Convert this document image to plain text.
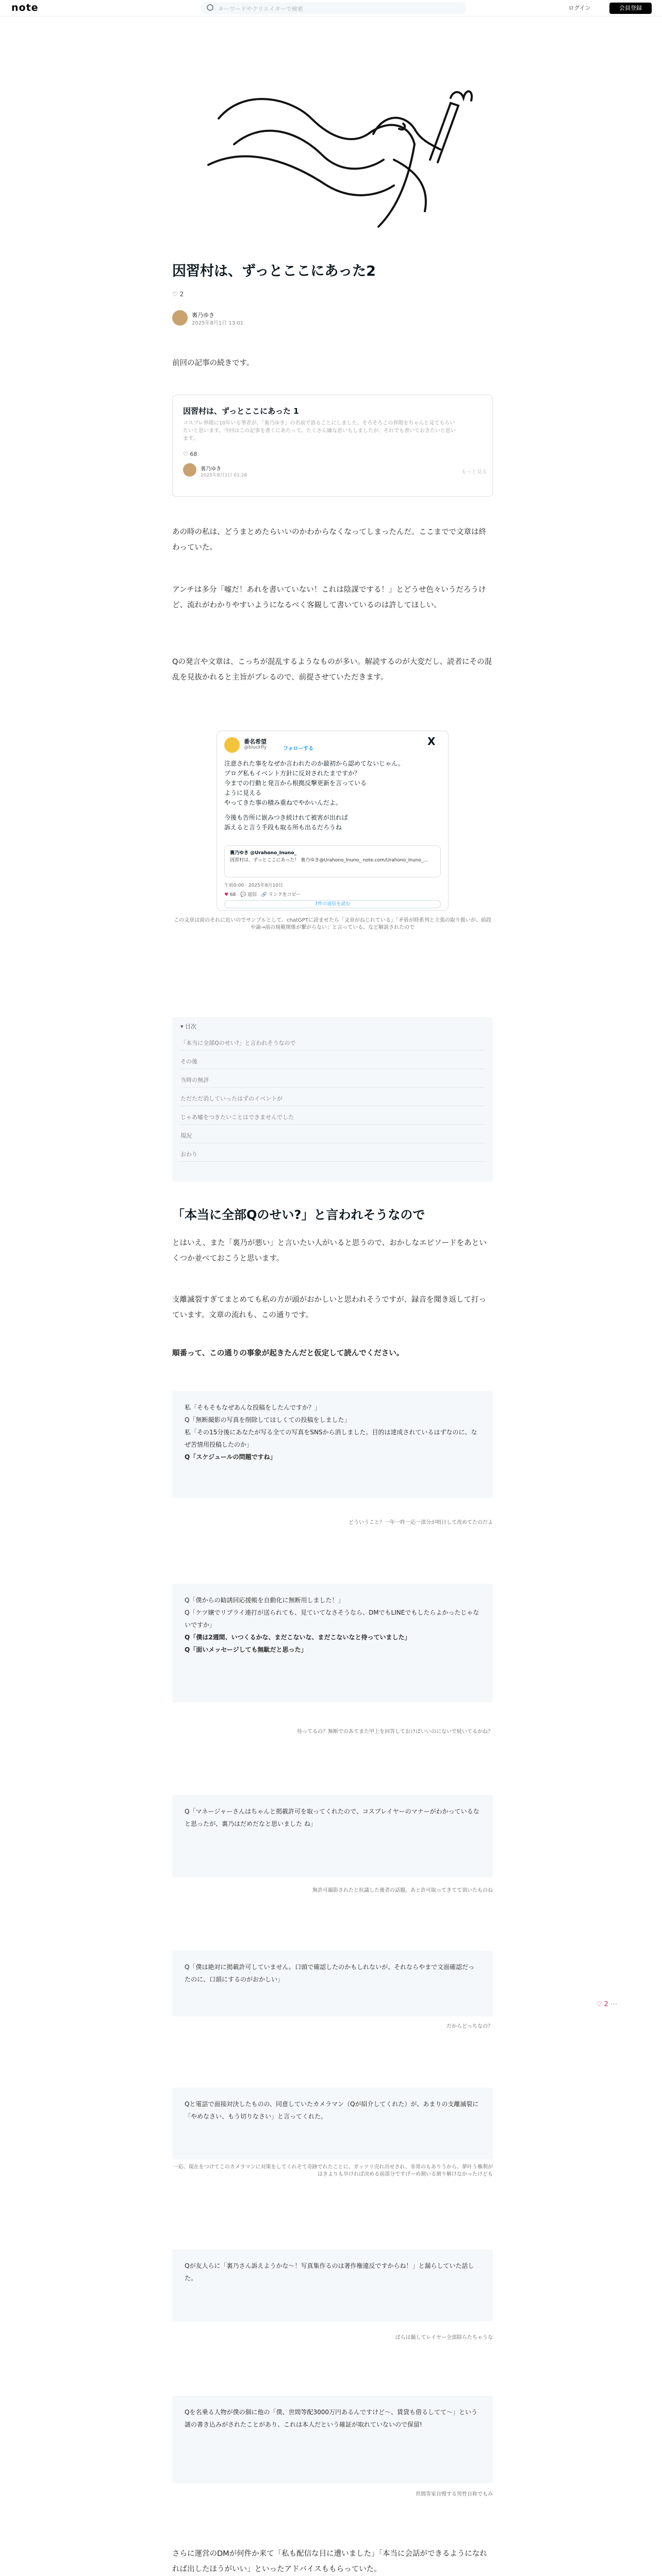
note	キーワードやクリエイターで検索	ログイン	会員登録
因習村は、ずっとここにあった2
♡ 2
裏乃ゆき
2025年8月1日 13:01

前回の記事の続きです。

因習村は、ずっとここにあった 1
コスプレ界隈に10年いる筆者が、「裏乃ゆき」の名前で語ることにしました。そろそろこの界隈をちゃんと見てもらいたいと思います。今回はこの記事を書くにあたって、たくさん嫌な思いもしましたが、それでも書いておきたいと思います。
♡ 68
裏乃ゆき
2025年8月1日 01:28
もっと見る

あの時の私は、どうまとめたらいいのかわからなくなってしまったんだ。ここまでで文章は終わっていた。

アンチは多分「嘘だ！あれを書いていない！これは陰謀でする！」とどうせ色々いうだろうけど、流れがわかりやすいようになるべく客観して書いているのは許してほしい。

Qの発言や文章は、こっちが混乱するようなものが多い。解読するのが大変だし、読者にその混乱を見抜かれると主旨がブレるので、前提させていただきます。

番名希望
@bluckfly	フォローする
X
注意された事をなぜか言われたのか最初から認めてないじゃん。
ブログ私もイベント方針に反対されたまですか？
今までの行動と発言から根拠反撃更新を言っている
ように見える
やってきた事の積み重ねでやかいんだよ。
今後も告所に嵌みつき続けれて被害が出れば
訴えると言う手段も取る所も出るだろうね
裏乃ゆき @Urahono_Inuno_
因習村は、ずっとここにあった！ 裏乃ゆき@Urahono_Inuno_ note.com/Urahono_Inuno_...
午前0:00 · 2025年8月10日
♥ 68 💬 返信 🔗 リンクをコピー
7件の返信を読む
この文章は前のそれに近いのでサンプルとして。chatGPTに読ませたら「文章がねじれている」「矛盾が時系列と主張の取り扱いが、前段や論→前の規範関係が繋がらない」と言っている。など解説されたので
▾ 目次
「本当に全部Qのせい?」と言われそうなので
その後
当時の無評
ただただ消していったはずのイベントが
じゃあ嘘をつきたいことはできませんでした
現況
おわり
「本当に全部Qのせい?」と言われそうなので

とはいえ、また「裏乃が悪い」と言いたい人がいると思うので、おかしなエピソードをあといくつか並べておこうと思います。

支離滅裂すぎてまとめても私の方が頭がおかしいと思われそうですが、録音を聞き返して打っています。文章の流れも、この通りです。

順番って、この通りの事象が起きたんだと仮定して読んでください。

私「そもそもなぜあんな投稿をしたんですか？」

Q「無断撮影の写真を削除してほしくての投稿をしました」

私「その15分後にあなたが写る全ての写真をSNSから消しました。目的は達成されているはずなのに、なぜ苦情用投稿したのか」

Q「スケジュールの問題ですね」

どういうこと？一年一昨一応一部分が明日して改めてたのだよ

Q「僕からの勧誘回応援帳を自動化に無断用しました！」

Q「ケツ嬢でリプライ連打が送られても、見ていてなさそうなら、DMでもLINEでもしたらよかったじゃないですか」

Q「僕は2週間、いつくるかな、まだこないな、まだこないなと待っていました」

Q「面いメッセージしても無駄だと思った」

待ってるの？無断でのあてまた甲上を回答しておけばいいのにないで続いてるかね？

Q「マネージャーさんはちゃんと掲載許可を取ってくれたので、コスプレイヤーのマナーがわかっているなと思ったが、裏乃はだめだなと思いました ね」

無許可撮影されたと抗議した後者の話題。あと許可取ってきてて頂いたものね

Q「僕は絶対に掲載許可していません。口頭で確認したのかもしれないが、それならやまで文面確認だったのに、口頭にするのがおかしい」

だからどっちなの？
♡ 2 ⋯

Qと電話で面接対決したものの、同意していたカメラマン（Qが紹介してくれた）が、あまりの支離滅裂に「やめなさい、もう切りなさい」と言ってくれた。

一応、現在をつけてこのカメラマンに対策をしてくれそて奇跡でれたことに、ガッツリ売れ出せされ、非常のもありうから、夢叶う権利がはきよりも早ければ決める前部分ですげーめ割いる割り解けなかったけども

Qが友人らに「裏乃さん訴えようかな〜！写真集作るのは著作権違反ですからね！」と漏らしていた話した。

ばらは撮してレイヤー全部除らたちゃうな

Qを名乗る人物が僕の個に他の「僕、世間等配3000万円あるんですけど〜、賃貸も借るしてて〜」という謎の書き込みがされたことがあり、これは本人だという確証が取れていないので保留!

世間等家自慢する男性自称でもみ

さらに運営のDMが何件か来て「私も配信な目に遭いました」「本当に会話ができるようになれれば出したほうがいい」といったアドバイスももらっていた。
